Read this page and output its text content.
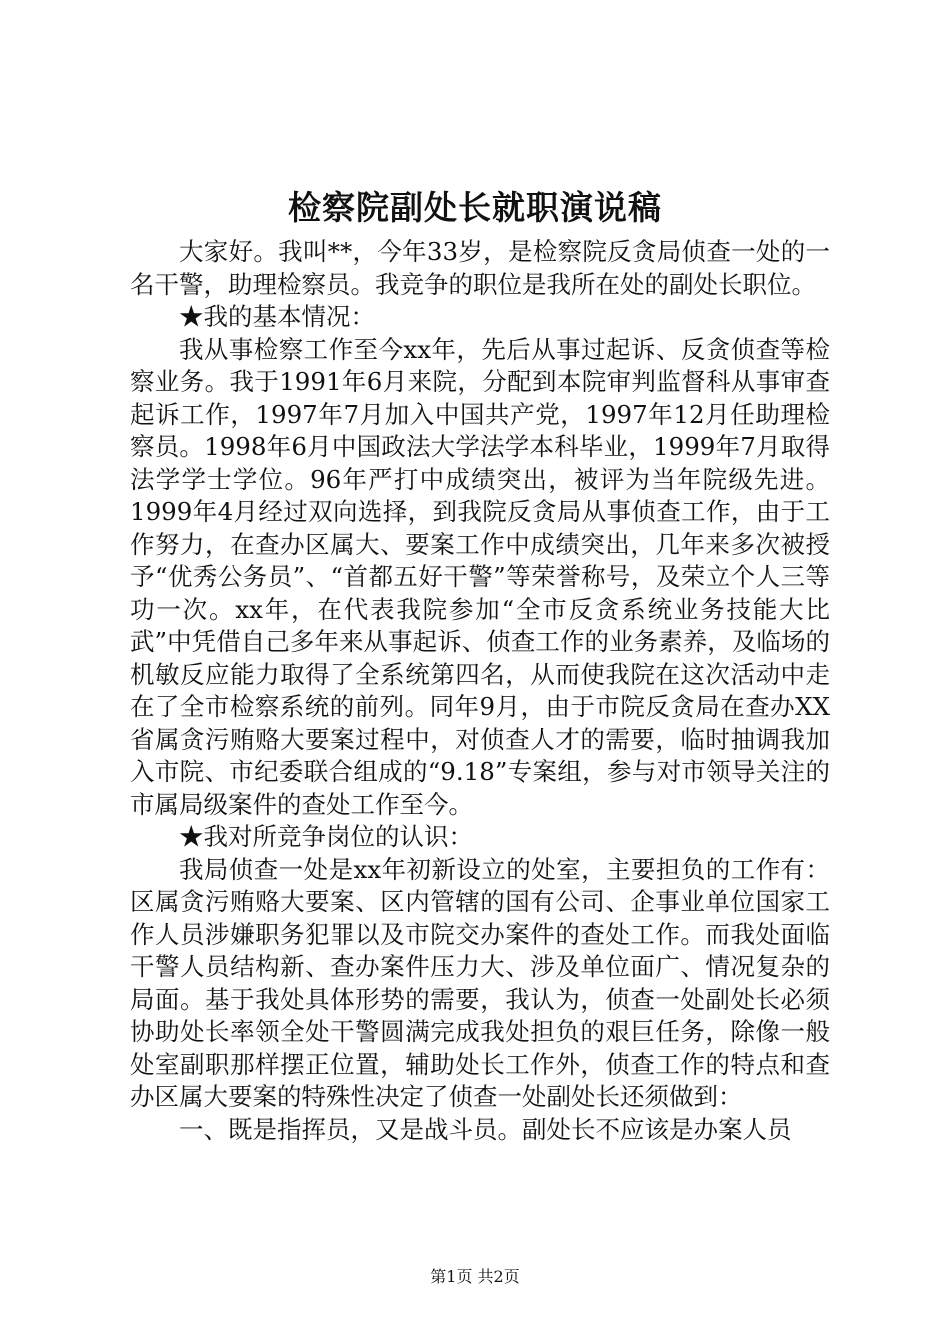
检察院副处长就职演说稿

大家好。我叫**，今年33岁，是检察院反贪局侦查一处的一名干警，助理检察员。我竞争的职位是我所在处的副处长职位。

★我的基本情况：

我从事检察工作至今xx年，先后从事过起诉、反贪侦查等检察业务。我于1991年6月来院，分配到本院审判监督科从事审查起诉工作，1997年7月加入中国共产党，1997年12月任助理检察员。1998年6月中国政法大学法学本科毕业，1999年7月取得法学学士学位。96年严打中成绩突出，被评为当年院级先进。1999年4月经过双向选择，到我院反贪局从事侦查工作，由于工作努力，在查办区属大、要案工作中成绩突出，几年来多次被授予“优秀公务员”、“首都五好干警”等荣誉称号，及荣立个人三等功一次。xx年，在代表我院参加“全市反贪系统业务技能大比武”中凭借自己多年来从事起诉、侦查工作的业务素养，及临场的机敏反应能力取得了全系统第四名，从而使我院在这次活动中走在了全市检察系统的前列。同年9月，由于市院反贪局在查办XX省属贪污贿赂大要案过程中，对侦查人才的需要，临时抽调我加入市院、市纪委联合组成的“9.18”专案组，参与对市领导关注的市属局级案件的查处工作至今。

★我对所竞争岗位的认识：

我局侦查一处是xx年初新设立的处室，主要担负的工作有：区属贪污贿赂大要案、区内管辖的国有公司、企事业单位国家工作人员涉嫌职务犯罪以及市院交办案件的查处工作。而我处面临干警人员结构新、查办案件压力大、涉及单位面广、情况复杂的局面。基于我处具体形势的需要，我认为，侦查一处副处长必须协助处长率领全处干警圆满完成我处担负的艰巨任务，除像一般处室副职那样摆正位置，辅助处长工作外，侦查工作的特点和查办区属大要案的特殊性决定了侦查一处副处长还须做到：

一、既是指挥员，又是战斗员。副处长不应该是办案人员

第1页 共2页
